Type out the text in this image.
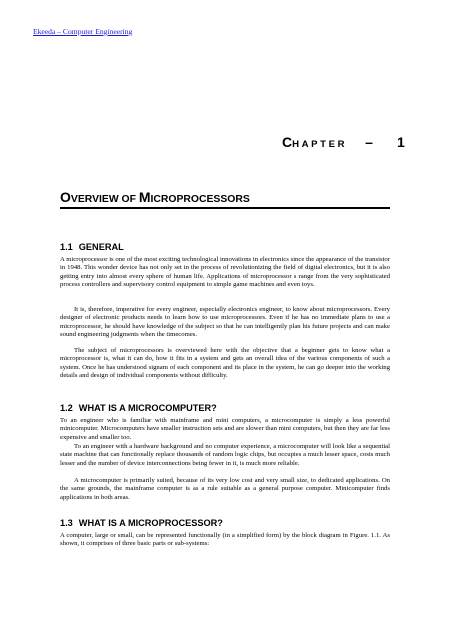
Ekeeda – Computer Engineering
CHAPTER – 1
OVERVIEW OF MICROPROCESSORS
1.1 GENERAL
A microprocessor is one of the most exciting technological innovations in electronics since the appearance of the transistor in 1948. This wonder device has not only set in the process of revolutionizing the field of digital electronics, but it is also getting entry into almost every sphere of human life. Applications of microprocessor s range from the very sophisticated process controllers and supervisory control equipment to simple game machines and even toys.
It is, therefore, imperative for every engineer, especially electronics engineer, to know about microprocessors. Every designer of electronic products needs to learn how to use microprocessors. Even if he has no immediate plans to use a microprocessor, he should have knowledge of the subject so that he can intelligently plan his future projects and can make sound engineering judgments when the timecomes.
The subject of microprocessors is overviewed here with the objective that a beginner gets to know what a microprocessor is, what it can do, how it fits in a system and gets an overall idea of the various components of such a system. Once he has understood signam of each component and its place in the system, he can go deeper into the working details and design of individual components without difficulty.
1.2 WHAT IS A MICROCOMPUTER?
To an engineer who is familiar with mainframe and mini computers, a microcomputer is simply a less powerful minicomputer. Microcomputers have smaller instruction sets and are slower than mini computers, but then they are far less expensive and smaller too.
To an engineer with a hardware background and no computer experience, a microcomputer will look like a sequential state machine that can functionally replace thousands of random logic chips, but occupies a much lesser space, costs much lesser and the number of device interconnections being fewer in it, is much more reliable.
A microcomputer is primarily suited, because of its very low cost and very small size, to dedicated applications. On the same grounds, the mainframe computer is as a rule suitable as a general purpose computer. Minicomputer finds applications in both areas.
1.3 WHAT IS A MICROPROCESSOR?
A computer, large or small, can be represented functionally (in a simplified form) by the block diagram in Figure. 1.1. As shown, it comprises of three basic parts or sub-systems:
